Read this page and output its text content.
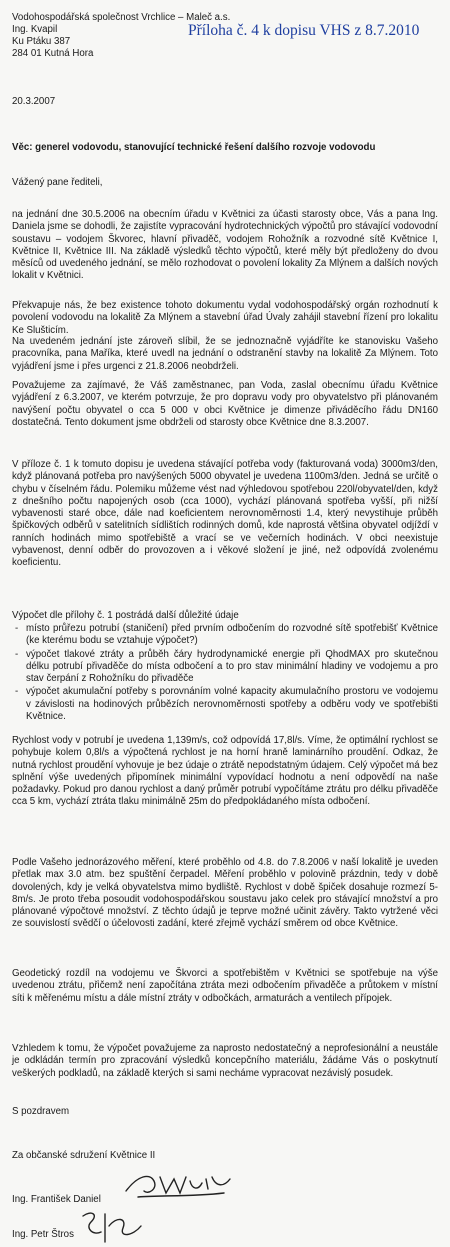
Vodohospodářská společnost Vrchlice – Maleč a.s.

Ing. Kvapil

Ku Ptáku 387

284 01 Kutná Hora

Příloha č. 4 k dopisu VHS z 8.7.2010

20.3.2007

Věc: generel vodovodu, stanovující technické řešení dalšího rozvoje vodovodu

Vážený pane řediteli,

na jednání dne 30.5.2006 na obecním úřadu v Květnici za účasti starosty obce, Vás a pana Ing. Daniela jsme se dohodli, že zajistíte vypracování hydrotechnických výpočtů pro stávající vodovodní soustavu – vodojem Škvorec, hlavní přivaděč, vodojem Rohožník a rozvodné sítě Květnice I, Květnice II, Květnice III. Na základě výsledků těchto výpočtů, které měly být předloženy do dvou měsíců od uvedeného jednání, se mělo rozhodovat o povolení lokality Za Mlýnem a dalších nových lokalit v Květnici.

Překvapuje nás, že bez existence tohoto dokumentu vydal vodohospodářský orgán rozhodnutí k povolení vodovodu na lokalitě Za Mlýnem a stavební úřad Úvaly zahájil stavební řízení pro lokalitu Ke Slušticím.

Na uvedeném jednání jste zároveň slíbil, že se jednoznačně vyjádříte ke stanovisku Vašeho pracovníka, pana Maříka, které uvedl na jednání o odstranění stavby na lokalitě Za Mlýnem. Toto vyjádření jsme i přes urgenci z 21.8.2006 neobdrželi.

Považujeme za zajímavé, že Váš zaměstnanec, pan Voda, zaslal obecnímu úřadu Květnice vyjádření z 6.3.2007, ve kterém potvrzuje, že pro dopravu vody pro obyvatelstvo při plánovaném navýšení počtu obyvatel o cca 5 000 v obci Květnice je dimenze přiváděcího řádu DN160 dostatečná. Tento dokument jsme obdrželi od starosty obce Květnice dne 8.3.2007.

V příloze č. 1 k tomuto dopisu je uvedena stávající potřeba vody (fakturovaná voda) 3000m3/den, když plánovaná potřeba pro navýšených 5000 obyvatel je uvedena 1100m3/den. Jedná se určitě o chybu v číselném řádu. Polemiku můžeme vést nad výhledovou spotřebou 220l/obyvatel/den, když z dnešního počtu napojených osob (cca 1000), vychází plánovaná spotřeba vyšší, při nižší vybavenosti staré obce, dále nad koeficientem nerovnoměrnosti 1.4, který nevystihuje průběh špičkových odběrů v satelitních sídlištích rodinných domů, kde naprostá většina obyvatel odjíždí v ranních hodinách mimo spotřebiště a vrací se ve večerních hodinách. V obci neexistuje vybavenost, denní odběr do provozoven a i věkové složení je jiné, než odpovídá zvolenému koeficientu.

Výpočet dle přílohy č. 1 postrádá další důležité údaje

- místo průřezu potrubí (staničení) před prvním odbočením do rozvodné sítě spotřebišť Květnice (ke kterému bodu se vztahuje výpočet?)
- výpočet tlakové ztráty a průběh čáry hydrodynamické energie při QhodMAX pro skutečnou délku potrubí přivaděče do místa odbočení a to pro stav minimální hladiny ve vodojemu a pro stav čerpání z Rohožníku do přivaděče
- výpočet akumulační potřeby s porovnáním volné kapacity akumulačního prostoru ve vodojemu v závislosti na hodinových průbězích nerovnoměrnosti spotřeby a odběru vody ve spotřebišti Květnice.

Rychlost vody v potrubí je uvedena 1,139m/s, což odpovídá 17,8l/s. Víme, že optimální rychlost se pohybuje kolem 0,8l/s a výpočtená rychlost je na horní hraně laminárního proudění. Odkaz, že nutná rychlost proudění vyhovuje je bez údaje o ztrátě nepodstatným údajem. Celý výpočet má bez splnění výše uvedených připomínek minimální vypovídací hodnotu a není odpovědí na naše požadavky. Pokud pro danou rychlost a daný průměr potrubí vypočítáme ztrátu pro délku přivaděče cca 5 km, vychází ztráta tlaku minimálně 25m do předpokládaného místa odbočení.

Podle Vašeho jednorázového měření, které proběhlo od 4.8. do 7.8.2006 v naší lokalitě je uveden přetlak max 3.0 atm. bez spuštění čerpadel. Měření proběhlo v polovině prázdnin, tedy v době dovolených, kdy je velká obyvatelstva mimo bydliště. Rychlost v době špiček dosahuje rozmezí 5-8m/s. Je proto třeba posoudit vodohospodářskou soustavu jako celek pro stávající množství a pro plánované výpočtové množství. Z těchto údajů je teprve možné učinit závěry. Takto vytržené věci ze souvislostí svědčí o účelovosti zadání, které zřejmě vychází směrem od obce Květnice.

Geodetický rozdíl na vodojemu ve Škvorci a spotřebištěm v Květnici se spotřebuje na výše uvedenou ztrátu, přičemž není započítána ztráta mezi odbočením přivaděče a průtokem v místní síti k měřenému místu a dále místní ztráty v odbočkách, armaturách a ventilech přípojek.

Vzhledem k tomu, že výpočet považujeme za naprosto nedostatečný a neprofesionální a neustále je odkládán termín pro zpracování výsledků koncepčního materiálu, žádáme Vás o poskytnutí veškerých podkladů, na základě kterých si sami necháme vypracovat nezávislý posudek.

S pozdravem

Za občanské sdružení Květnice II

Ing. František Daniel

Ing. Petr Štros
